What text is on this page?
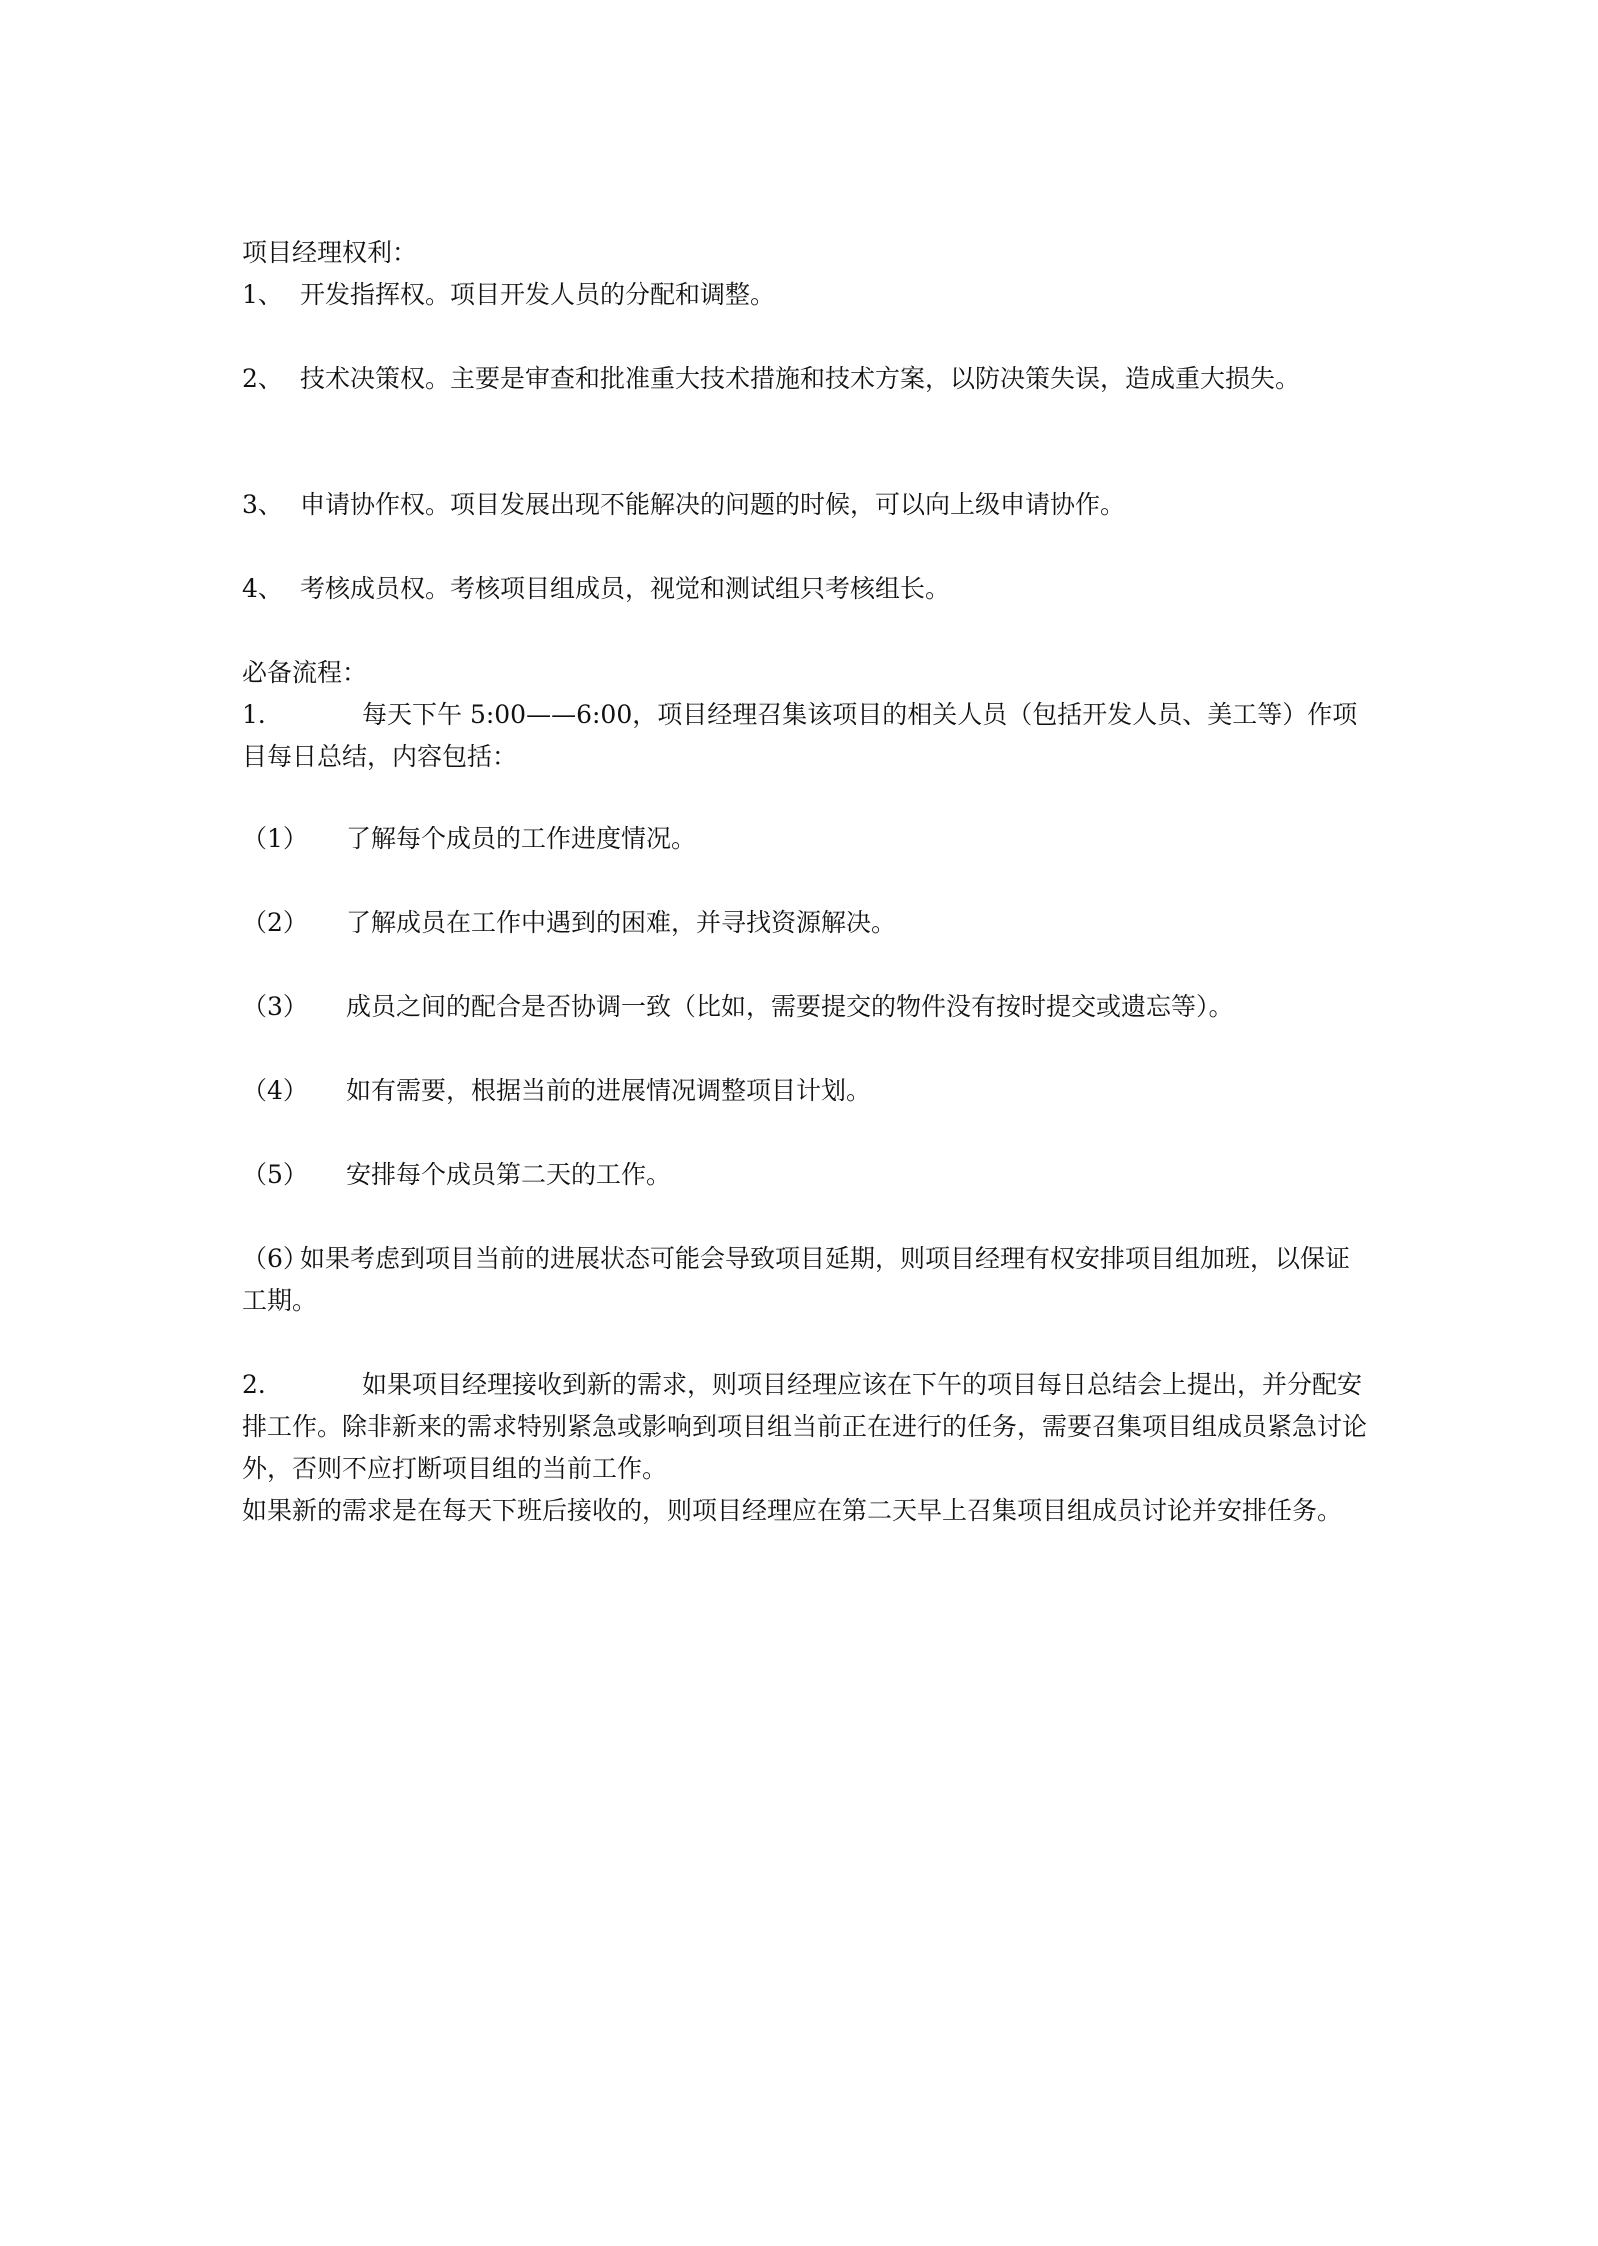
项目经理权利：

1、 开发指挥权。项目开发人员的分配和调整。

2、 技术决策权。主要是审查和批准重大技术措施和技术方案，以防决策失误，造成重大损失。

3、 申请协作权。项目发展出现不能解决的问题的时候，可以向上级申请协作。

4、 考核成员权。考核项目组成员，视觉和测试组只考核组长。

必备流程：

1．	每天下午 5:00——6:00，项目经理召集该项目的相关人员（包括开发人员、美工等）作项目每日总结，内容包括：

（1） 了解每个成员的工作进度情况。

（2） 了解成员在工作中遇到的困难，并寻找资源解决。

（3） 成员之间的配合是否协调一致（比如，需要提交的物件没有按时提交或遗忘等）。

（4） 如有需要，根据当前的进展情况调整项目计划。

（5） 安排每个成员第二天的工作。

（6）如果考虑到项目当前的进展状态可能会导致项目延期，则项目经理有权安排项目组加班，以保证工期。

2．	如果项目经理接收到新的需求，则项目经理应该在下午的项目每日总结会上提出，并分配安排工作。除非新来的需求特别紧急或影响到项目组当前正在进行的任务，需要召集项目组成员紧急讨论外，否则不应打断项目组的当前工作。

如果新的需求是在每天下班后接收的，则项目经理应在第二天早上召集项目组成员讨论并安排任务。
